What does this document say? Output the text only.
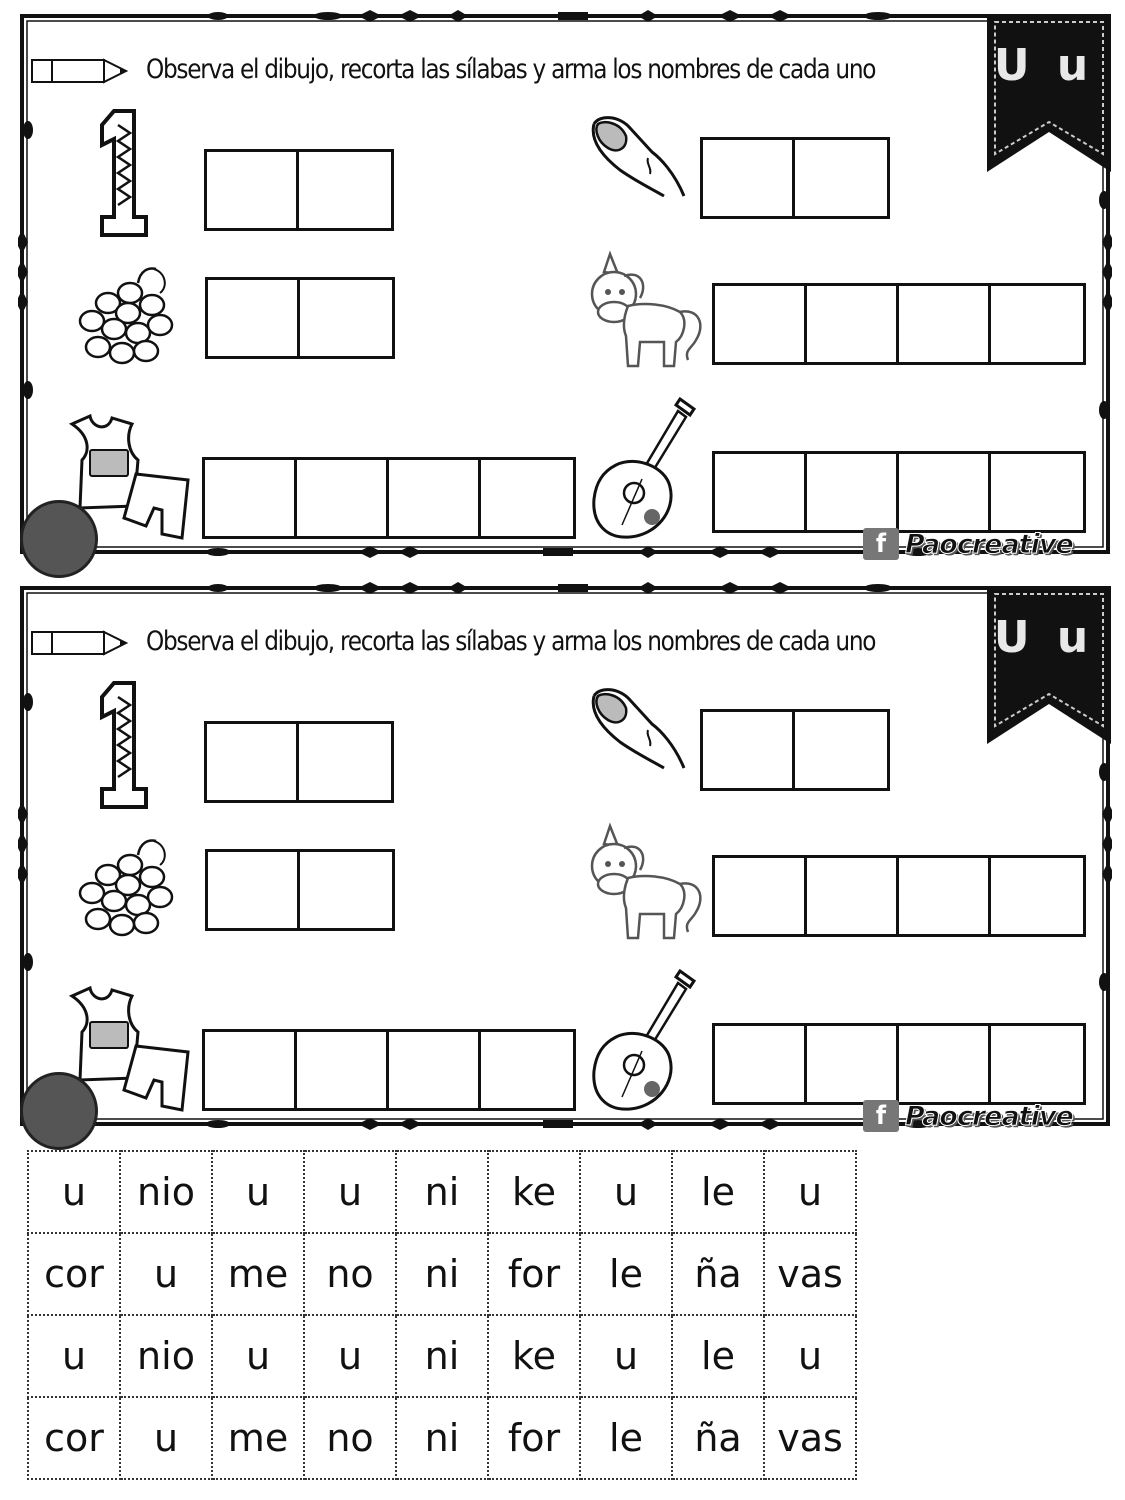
Observa el dibujo, recorta las sílabas y arma los nombres de cada uno	U u
f Paocreative
Observa el dibujo, recorta las sílabas y arma los nombres de cada uno	U u
f Paocreative
u	nio	u	u	ni	ke	u	le	u
cor	u	me	no	ni	for	le	ña	vas
u	nio	u	u	ni	ke	u	le	u
cor	u	me	no	ni	for	le	ña	vas
